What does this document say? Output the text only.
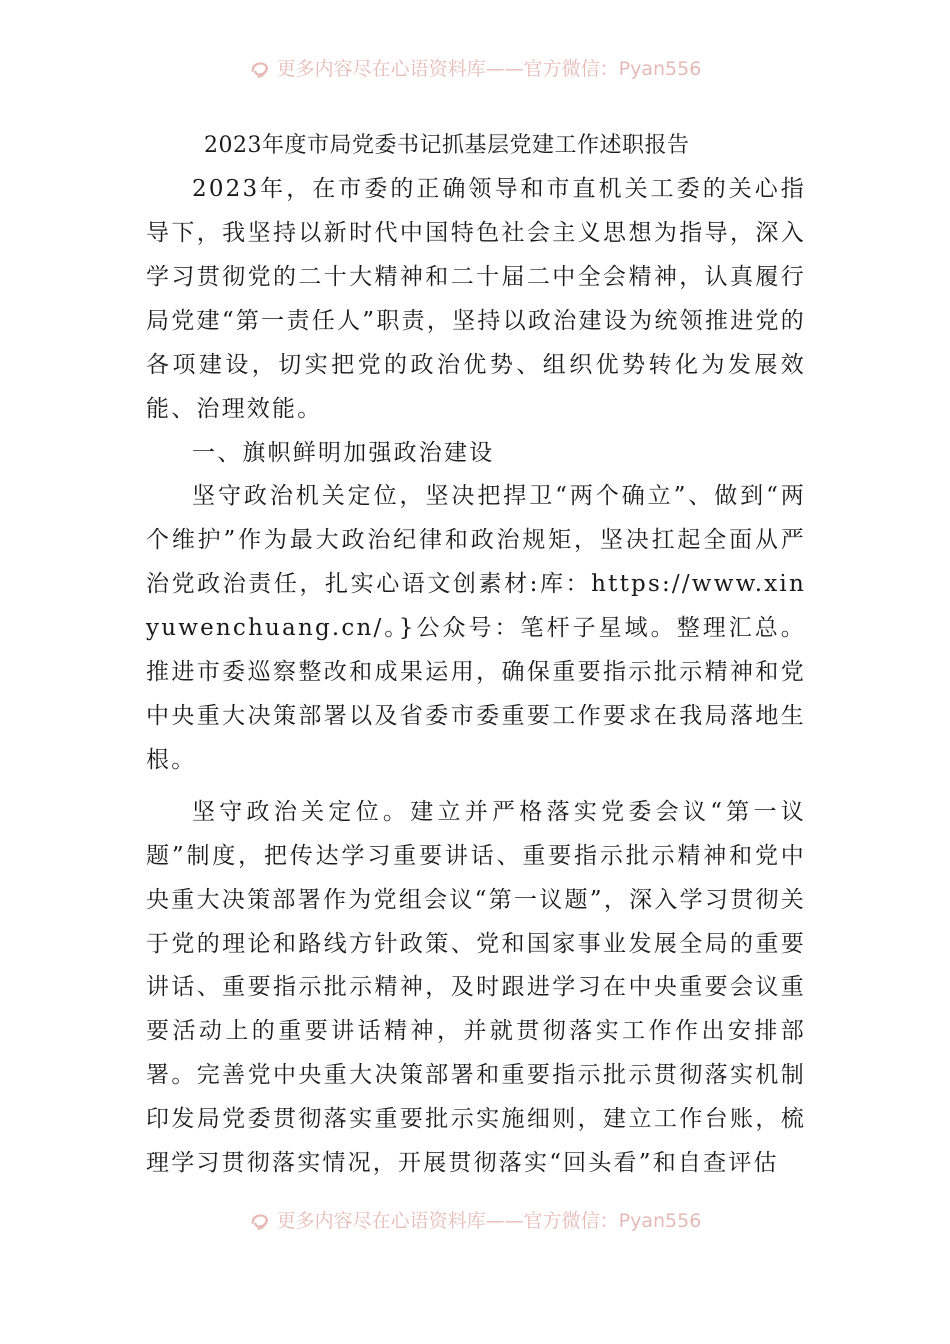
更多内容尽在心语资料库——官方微信：Pyan556
2023年度市局党委书记抓基层党建工作述职报告

2023年，在市委的正确领导和市直机关工委的关心指导下，我坚持以新时代中国特色社会主义思想为指导，深入学习贯彻党的二十大精神和二十届二中全会精神，认真履行局党建“第一责任人”职责，坚持以政治建设为统领推进党的各项建设，切实把党的政治优势、组织优势转化为发展效能、治理效能。

一、旗帜鲜明加强政治建设

坚守政治机关定位，坚决把捍卫“两个确立”、做到“两个维护”作为最大政治纪律和政治规矩，坚决扛起全面从严治党政治责任，扎实心语文创素材:库：https://www.xinyuwenchuang.cn/。}公众号：笔杆子星域。整理汇总。推进市委巡察整改和成果运用，确保重要指示批示精神和党中央重大决策部署以及省委市委重要工作要求在我局落地生根。

坚守政治关定位。建立并严格落实党委会议“第一议题”制度，把传达学习重要讲话、重要指示批示精神和党中央重大决策部署作为党组会议“第一议题”，深入学习贯彻关于党的理论和路线方针政策、党和国家事业发展全局的重要讲话、重要指示批示精神，及时跟进学习在中央重要会议重要活动上的重要讲话精神，并就贯彻落实工作作出安排部署。完善党中央重大决策部署和重要指示批示贯彻落实机制印发局党委贯彻落实重要批示实施细则，建立工作台账，梳理学习贯彻落实情况，开展贯彻落实“回头看”和自查评估

更多内容尽在心语资料库——官方微信：Pyan556
